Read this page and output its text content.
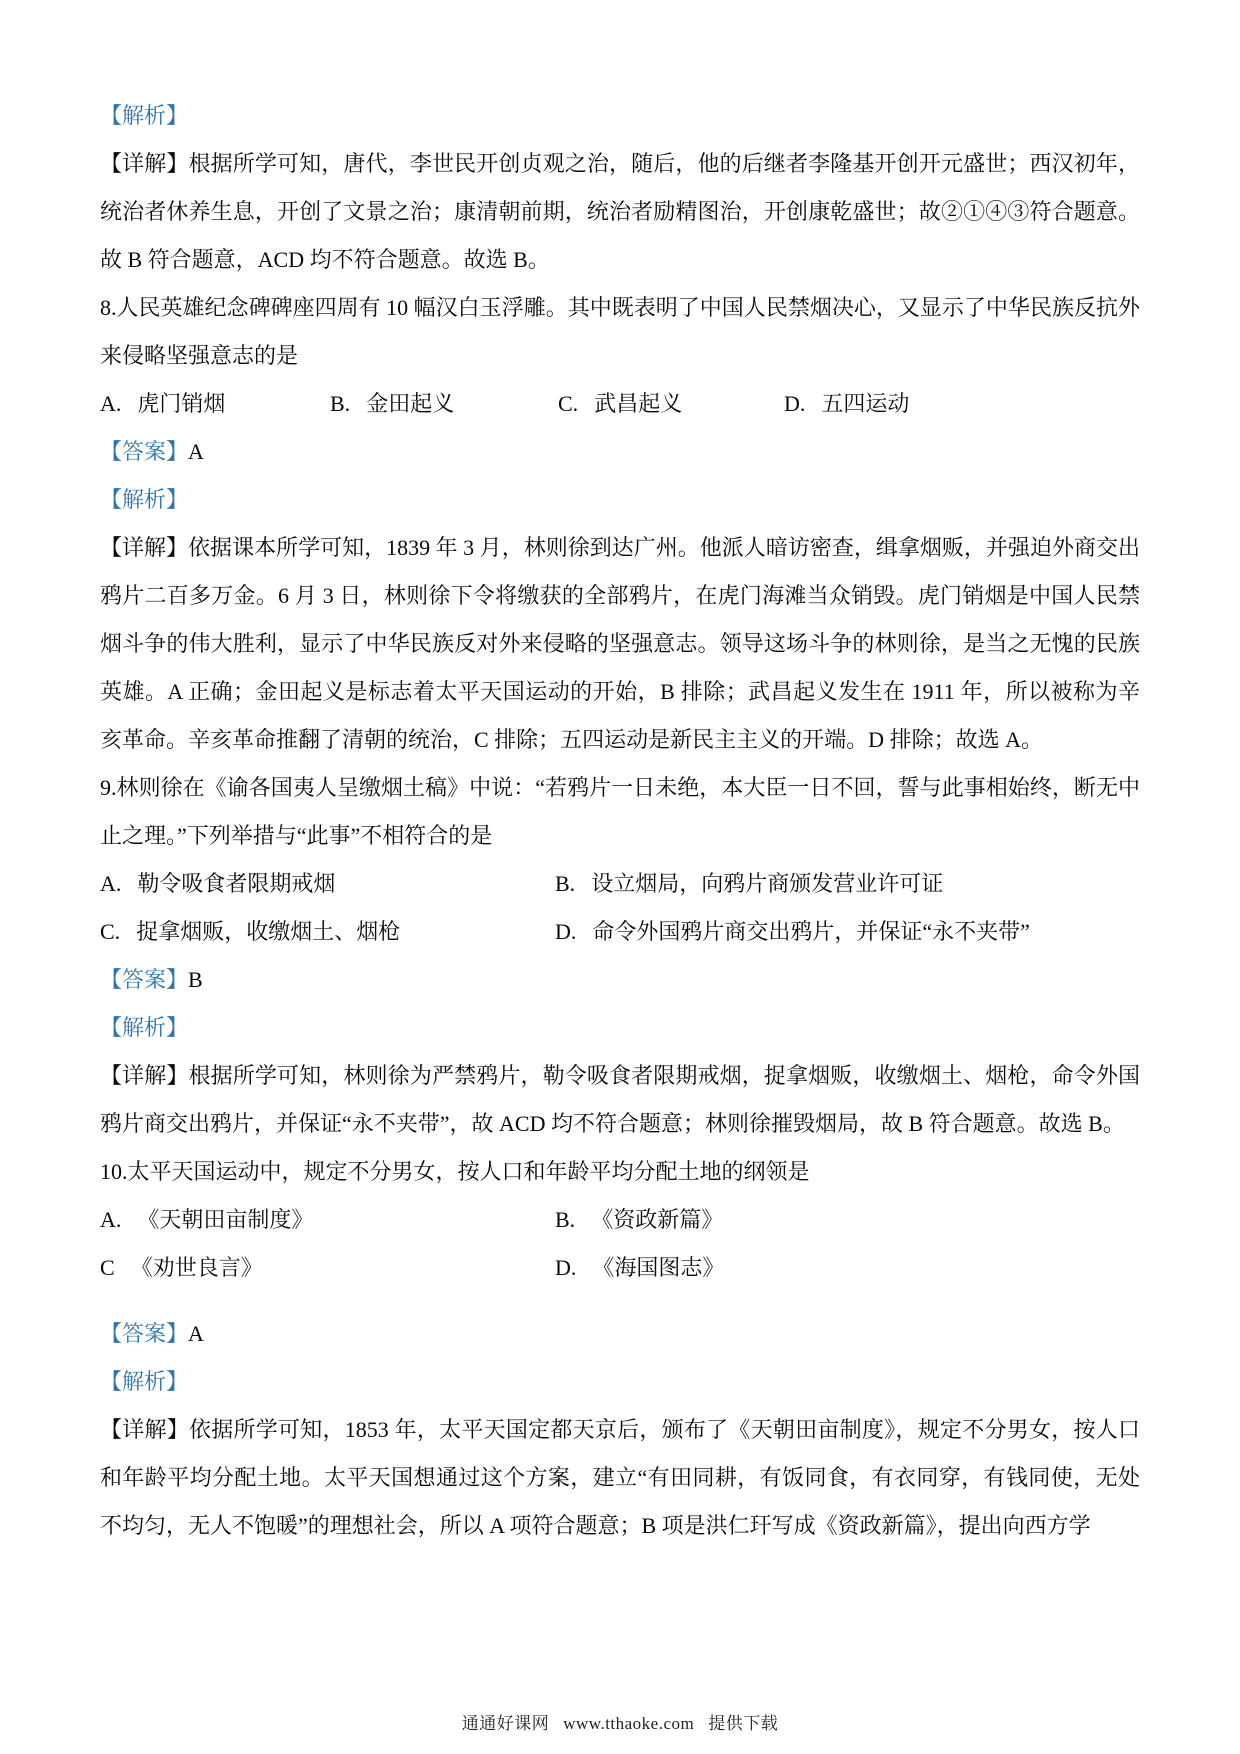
【解析】

【详解】根据所学可知，唐代，李世民开创贞观之治，随后，他的后继者李隆基开创开元盛世；西汉初年，统治者休养生息，开创了文景之治；康清朝前期，统治者励精图治，开创康乾盛世；故②①④③符合题意。故 B 符合题意，ACD 均不符合题意。故选 B。

8.人民英雄纪念碑碑座四周有 10 幅汉白玉浮雕。其中既表明了中国人民禁烟决心，又显示了中华民族反抗外来侵略坚强意志的是

A. 虎门销烟	B. 金田起义	C. 武昌起义	D. 五四运动

【答案】A

【解析】

【详解】依据课本所学可知，1839 年 3 月，林则徐到达广州。他派人暗访密查，缉拿烟贩，并强迫外商交出鸦片二百多万金。6 月 3 日，林则徐下令将缴获的全部鸦片，在虎门海滩当众销毁。虎门销烟是中国人民禁烟斗争的伟大胜利，显示了中华民族反对外来侵略的坚强意志。领导这场斗争的林则徐，是当之无愧的民族英雄。A 正确；金田起义是标志着太平天国运动的开始，B 排除；武昌起义发生在 1911 年，所以被称为辛亥革命。辛亥革命推翻了清朝的统治，C 排除；五四运动是新民主主义的开端。D 排除；故选 A。

9.林则徐在《谕各国夷人呈缴烟土稿》中说：“若鸦片一日未绝，本大臣一日不回，誓与此事相始终，断无中止之理。”下列举措与“此事”不相符合的是

A. 勒令吸食者限期戒烟	B. 设立烟局，向鸦片商颁发营业许可证
C. 捉拿烟贩，收缴烟土、烟枪	D. 命令外国鸦片商交出鸦片，并保证“永不夹带”

【答案】B

【解析】

【详解】根据所学可知，林则徐为严禁鸦片，勒令吸食者限期戒烟，捉拿烟贩，收缴烟土、烟枪，命令外国鸦片商交出鸦片，并保证“永不夹带”，故 ACD 均不符合题意；林则徐摧毁烟局，故 B 符合题意。故选 B。

10.太平天国运动中，规定不分男女，按人口和年龄平均分配土地的纲领是

A. 《天朝田亩制度》	B. 《资政新篇》
C 《劝世良言》	D. 《海国图志》

【答案】A

【解析】

【详解】依据所学可知，1853 年，太平天国定都天京后，颁布了《天朝田亩制度》，规定不分男女，按人口和年龄平均分配土地。太平天国想通过这个方案，建立“有田同耕，有饭同食，有衣同穿，有钱同使，无处不均匀，无人不饱暖”的理想社会，所以 A 项符合题意；B 项是洪仁玕写成《资政新篇》，提出向西方学

通通好课网 www.tthaoke.com 提供下载
